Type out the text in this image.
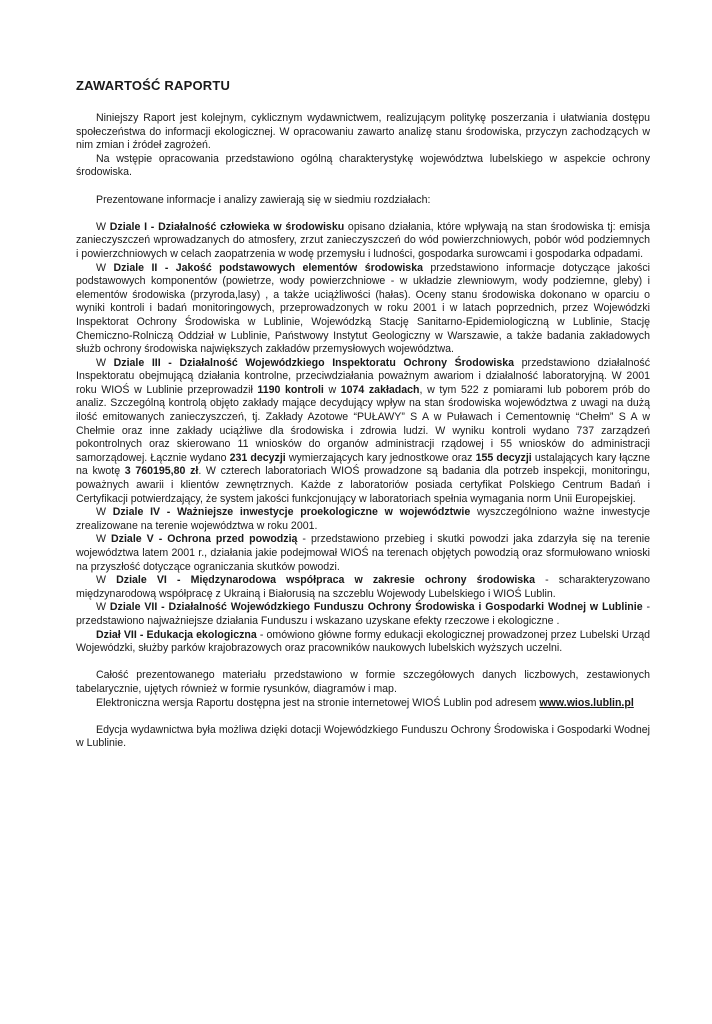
ZAWARTOŚĆ RAPORTU

Niniejszy Raport jest kolejnym, cyklicznym wydawnictwem, realizującym politykę poszerzania i ułatwiania dostępu społeczeństwa do informacji ekologicznej. W opracowaniu zawarto analizę stanu środowiska, przyczyn zachodzących w nim zmian i źródeł zagrożeń.

Na wstępie opracowania przedstawiono ogólną charakterystykę województwa lubelskiego w aspekcie ochrony środowiska.

Prezentowane informacje i analizy zawierają się w siedmiu rozdziałach:

W Dziale I - Działalność człowieka w środowisku opisano działania, które wpływają na stan środowiska tj: emisja zanieczyszczeń wprowadzanych do atmosfery, zrzut zanieczyszczeń do wód powierzchniowych, pobór wód podziemnych i powierzchniowych w celach zaopatrzenia w wodę przemysłu i ludności, gospodarka surowcami i gospodarka odpadami.

W Dziale II - Jakość podstawowych elementów środowiska przedstawiono informacje dotyczące jakości podstawowych komponentów (powietrze, wody powierzchniowe - w układzie zlewniowym, wody podziemne, gleby) i elementów środowiska (przyroda,lasy) , a także uciążliwości (hałas). Oceny stanu środowiska dokonano w oparciu o wyniki kontroli i badań monitoringowych, przeprowadzonych w roku 2001 i w latach poprzednich, przez Wojewódzki Inspektorat Ochrony Środowiska w Lublinie, Wojewódzką Stację Sanitarno-Epidemiologiczną w Lublinie, Stację Chemiczno-Rolniczą Oddział w Lublinie, Państwowy Instytut Geologiczny w Warszawie, a także badania zakładowych służb ochrony środowiska największych zakładów przemysłowych województwa.

W Dziale III - Działalność Wojewódzkiego Inspektoratu Ochrony Środowiska przedstawiono działalność Inspektoratu obejmującą działania kontrolne, przeciwdziałania poważnym awariom i działalność laboratoryjną. W 2001 roku WIOŚ w Lublinie przeprowadził 1190 kontroli w 1074 zakładach, w tym 522 z pomiarami lub poborem prób do analiz. Szczególną kontrolą objęto zakłady mające decydujący wpływ na stan środowiska województwa z uwagi na dużą ilość emitowanych zanieczyszczeń, tj. Zakłady Azotowe “PUŁAWY” S A w Puławach i Cementownię “Chełm” S A w Chełmie oraz inne zakłady uciążliwe dla środowiska i zdrowia ludzi. W wyniku kontroli wydano 737 zarządzeń pokontrolnych oraz skierowano 11 wniosków do organów administracji rządowej i 55 wniosków do administracji samorządowej. Łącznie wydano 231 decyzji wymierzających kary jednostkowe oraz 155 decyzji ustalających kary łączne na kwotę 3 760195,80 zł. W czterech laboratoriach WIOŚ prowadzone są badania dla potrzeb inspekcji, monitoringu, poważnych awarii i klientów zewnętrznych. Każde z laboratoriów posiada certyfikat Polskiego Centrum Badań i Certyfikacji potwierdzający, że system jakości funkcjonujący w laboratoriach spełnia wymagania norm Unii Europejskiej.

W Dziale IV - Ważniejsze inwestycje proekologiczne w województwie wyszczególniono ważne inwestycje zrealizowane na terenie województwa w roku 2001.

W Dziale V - Ochrona przed powodzią - przedstawiono przebieg i skutki powodzi jaka zdarzyła się na terenie województwa latem 2001 r., działania jakie podejmował WIOŚ na terenach objętych powodzią oraz sformułowano wnioski na przyszłość dotyczące ograniczania skutków powodzi.

W Dziale VI - Międzynarodowa współpraca w zakresie ochrony środowiska - scharakteryzowano międzynarodową współpracę z Ukrainą i Białorusią na szczeblu Wojewody Lubelskiego i WIOŚ Lublin.

W Dziale VII - Działalność Wojewódzkiego Funduszu Ochrony Środowiska i Gospodarki Wodnej w Lublinie - przedstawiono najważniejsze działania Funduszu i wskazano uzyskane efekty rzeczowe i ekologiczne .

Dział VII - Edukacja ekologiczna - omówiono główne formy edukacji ekologicznej prowadzonej przez Lubelski Urząd Wojewódzki, służby parków krajobrazowych oraz pracowników naukowych lubelskich wyższych uczelni.

Całość prezentowanego materiału przedstawiono w formie szczegółowych danych liczbowych, zestawionych tabelarycznie, ujętych również w formie rysunków, diagramów i map.

Elektroniczna wersja Raportu dostępna jest na stronie internetowej WIOŚ Lublin pod adresem www.wios.lublin.pl

Edycja wydawnictwa była możliwa dzięki dotacji Wojewódzkiego Funduszu Ochrony Środowiska i Gospodarki Wodnej w Lublinie.
